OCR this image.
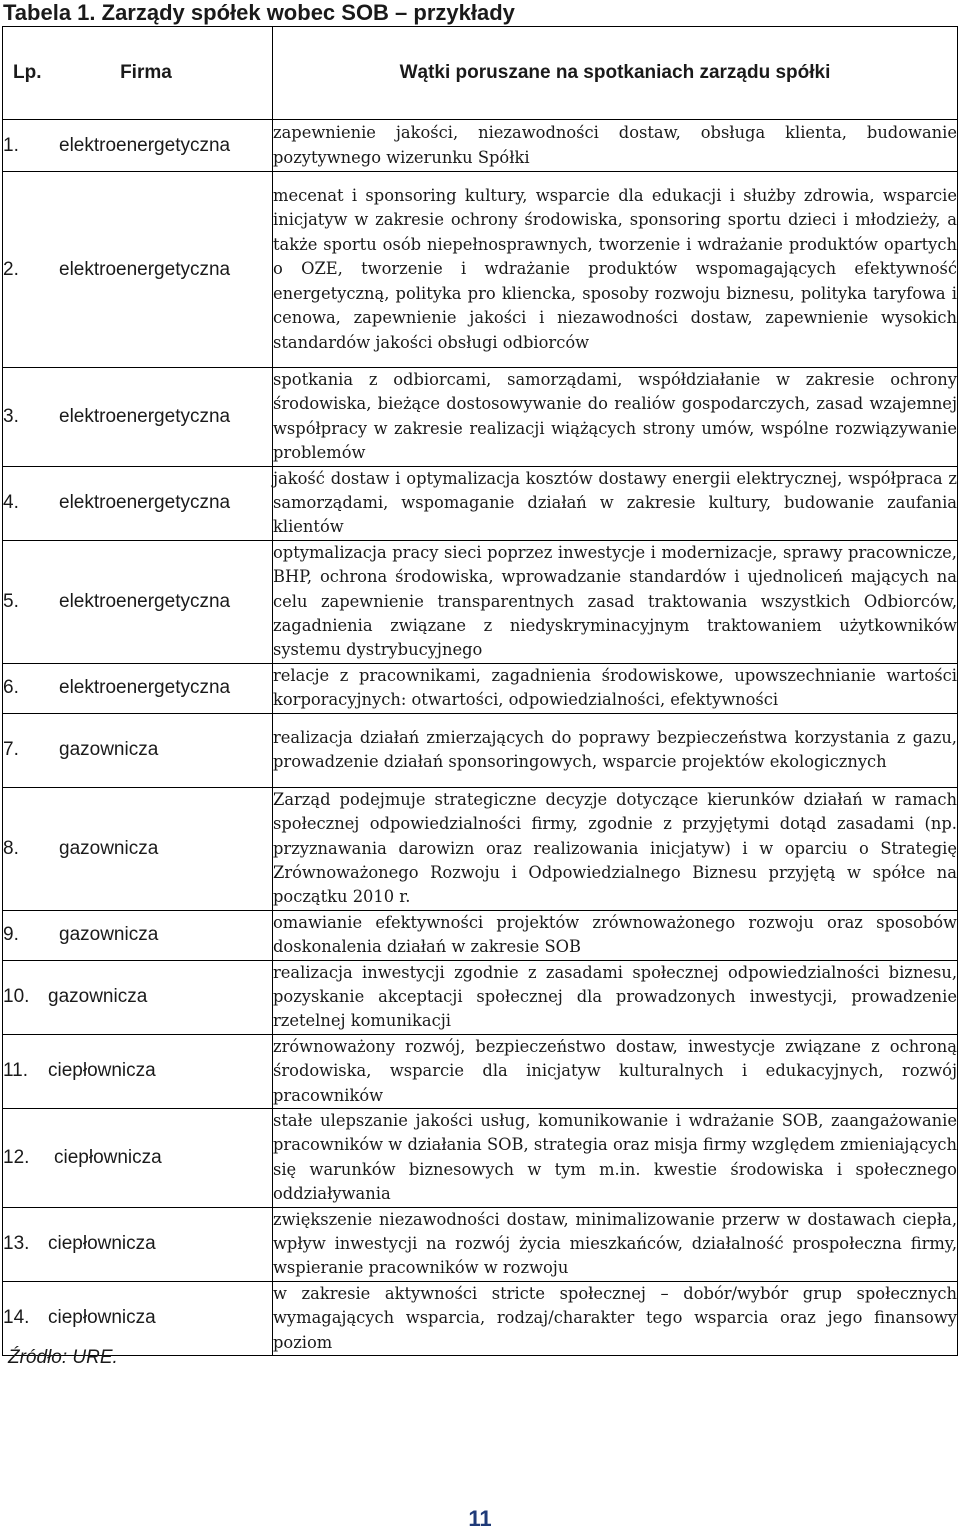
Tabela 1. Zarządy spółek wobec SOB – przykłady
Lp. Firma	Wątki poruszane na spotkaniach zarządu spółki
1. elektroenergetyczna	zapewnienie jakości, niezawodności dostaw, obsługa klienta, budowanie pozytywnego wizerunku Spółki
2. elektroenergetyczna	mecenat i sponsoring kultury, wsparcie dla edukacji i służby zdrowia, wsparcie inicjatyw w zakresie ochrony środowiska, sponsoring sportu dzieci i młodzieży, a także sportu osób niepełnosprawnych, tworzenie i wdrażanie produktów opartych o OZE, tworzenie i wdrażanie produktów wspomagających efektywność energetyczną, polityka pro kliencka, sposoby rozwoju biznesu, polityka taryfowa i cenowa, zapewnienie jakości i niezawodności dostaw, zapewnienie wysokich standardów jakości obsługi odbiorców
3. elektroenergetyczna	spotkania z odbiorcami, samorządami, współdziałanie w zakresie ochrony środowiska, bieżące dostosowywanie do realiów gospodarczych, zasad wzajemnej współpracy w zakresie realizacji wiążących strony umów, wspólne rozwiązywanie problemów
4. elektroenergetyczna	jakość dostaw i optymalizacja kosztów dostawy energii elektrycznej, współpraca z samorządami, wspomaganie działań w zakresie kultury, budowanie zaufania klientów
5. elektroenergetyczna	optymalizacja pracy sieci poprzez inwestycje i modernizacje, sprawy pracownicze, BHP, ochrona środowiska, wprowadzanie standardów i ujednoliceń mających na celu zapewnienie transparentnych zasad traktowania wszystkich Odbiorców, zagadnienia związane z niedyskryminacyjnym traktowaniem użytkowników systemu dystrybucyjnego
6. elektroenergetyczna	relacje z pracownikami, zagadnienia środowiskowe, upowszechnianie wartości korporacyjnych: otwartości, odpowiedzialności, efektywności
7. gazownicza	realizacja działań zmierzających do poprawy bezpieczeństwa korzystania z gazu, prowadzenie działań sponsoringowych, wsparcie projektów ekologicznych
8. gazownicza	Zarząd podejmuje strategiczne decyzje dotyczące kierunków działań w ramach społecznej odpowiedzialności firmy, zgodnie z przyjętymi dotąd zasadami (np. przyznawania darowizn oraz realizowania inicjatyw) i w oparciu o Strategię Zrównoważonego Rozwoju i Odpowiedzialnego Biznesu przyjętą w spółce na początku 2010 r.
9. gazownicza	omawianie efektywności projektów zrównoważonego rozwoju oraz sposobów doskonalenia działań w zakresie SOB
10. gazownicza	realizacja inwestycji zgodnie z zasadami społecznej odpowiedzialności biznesu, pozyskanie akceptacji społecznej dla prowadzonych inwestycji, prowadzenie rzetelnej komunikacji
11. ciepłownicza	zrównoważony rozwój, bezpieczeństwo dostaw, inwestycje związane z ochroną środowiska, wsparcie dla inicjatyw kulturalnych i edukacyjnych, rozwój pracowników
12. ciepłownicza	stałe ulepszanie jakości usług, komunikowanie i wdrażanie SOB, zaangażowanie pracowników w działania SOB, strategia oraz misja firmy względem zmieniających się warunków biznesowych w tym m.in. kwestie środowiska i społecznego oddziaływania
13. ciepłownicza	zwiększenie niezawodności dostaw, minimalizowanie przerw w dostawach ciepła, wpływ inwestycji na rozwój życia mieszkańców, działalność prospołeczna firmy, wspieranie pracowników w rozwoju
14. ciepłownicza	w zakresie aktywności stricte społecznej – dobór/wybór grup społecznych wymagających wsparcia, rodzaj/charakter tego wsparcia oraz jego finansowy poziom
Źródło: URE.
11
